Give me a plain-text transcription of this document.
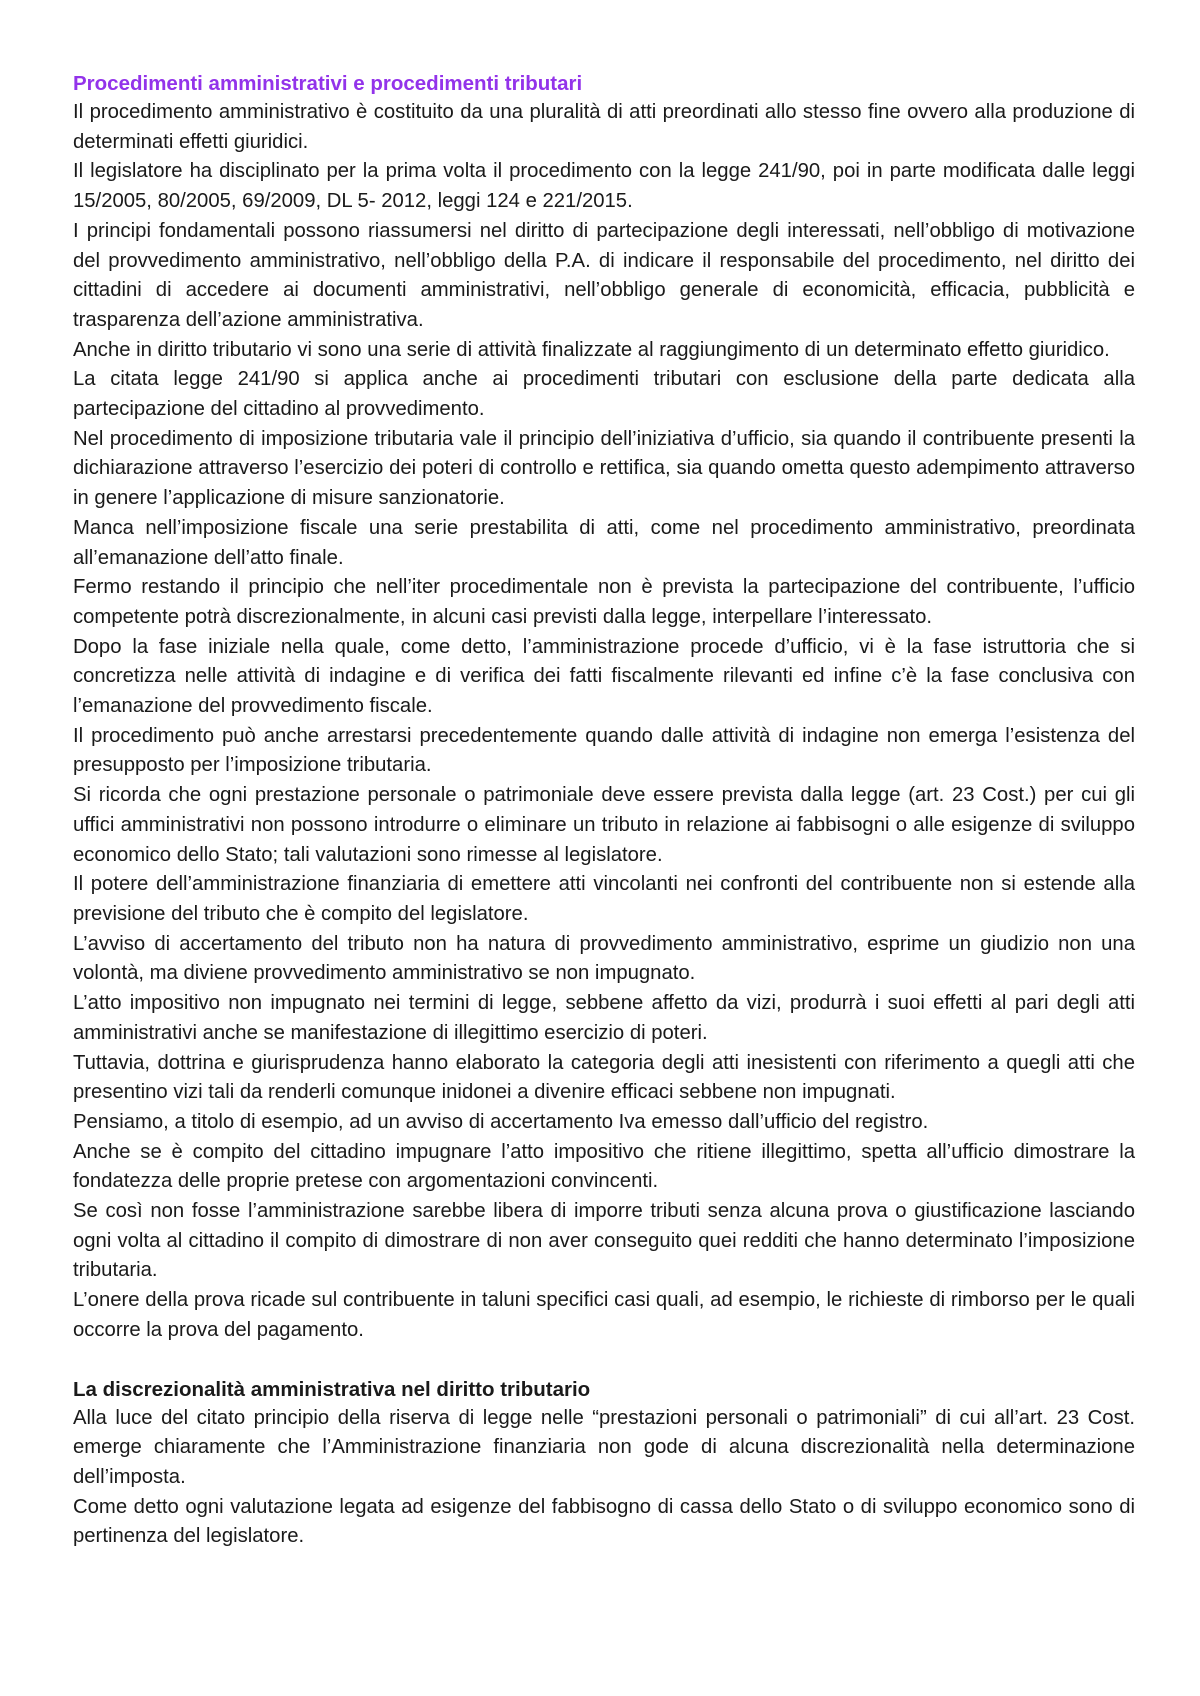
Procedimenti amministrativi e procedimenti tributari

Il procedimento amministrativo è costituito da una pluralità di atti preordinati allo stesso fine ovvero alla produzione di determinati effetti giuridici.

Il legislatore ha disciplinato per la prima volta il procedimento con la legge 241/90, poi in parte modificata dalle leggi 15/2005, 80/2005, 69/2009, DL 5- 2012, leggi 124 e 221/2015.

I principi fondamentali possono riassumersi nel diritto di partecipazione degli interessati, nell’obbligo di motivazione del provvedimento amministrativo, nell’obbligo della P.A. di indicare il responsabile del procedimento, nel diritto dei cittadini di accedere ai documenti amministrativi, nell’obbligo generale di economicità, efficacia, pubblicità e trasparenza dell’azione amministrativa.

Anche in diritto tributario vi sono una serie di attività finalizzate al raggiungimento di un determinato effetto giuridico.

La citata legge 241/90 si applica anche ai procedimenti tributari con esclusione della parte dedicata alla partecipazione del cittadino al provvedimento.

Nel procedimento di imposizione tributaria vale il principio dell’iniziativa d’ufficio, sia quando il contribuente presenti la dichiarazione attraverso l’esercizio dei poteri di controllo e rettifica, sia quando ometta questo adempimento attraverso in genere l’applicazione di misure sanzionatorie.

Manca nell’imposizione fiscale una serie prestabilita di atti, come nel procedimento amministrativo, preordinata all’emanazione dell’atto finale.

Fermo restando il principio che nell’iter procedimentale non è prevista la partecipazione del contribuente, l’ufficio competente potrà discrezionalmente, in alcuni casi previsti dalla legge, interpellare l’interessato.

Dopo la fase iniziale nella quale, come detto, l’amministrazione procede d’ufficio, vi è la fase istruttoria che si concretizza nelle attività di indagine e di verifica dei fatti fiscalmente rilevanti ed infine c’è la fase conclusiva con l’emanazione del provvedimento fiscale.

Il procedimento può anche arrestarsi precedentemente quando dalle attività di indagine non emerga l’esistenza del presupposto per l’imposizione tributaria.

Si ricorda che ogni prestazione personale o patrimoniale deve essere prevista dalla legge (art. 23 Cost.) per cui gli uffici amministrativi non possono introdurre o eliminare un tributo in relazione ai fabbisogni o alle esigenze di sviluppo economico dello Stato; tali valutazioni sono rimesse al legislatore.

Il potere dell’amministrazione finanziaria di emettere atti vincolanti nei confronti del contribuente non si estende alla previsione del tributo che è compito del legislatore.

L’avviso di accertamento del tributo non ha natura di provvedimento amministrativo, esprime un giudizio non una volontà, ma diviene provvedimento amministrativo se non impugnato.

L’atto impositivo non impugnato nei termini di legge, sebbene affetto da vizi, produrrà i suoi effetti al pari degli atti amministrativi anche se manifestazione di illegittimo esercizio di poteri.

Tuttavia, dottrina e giurisprudenza hanno elaborato la categoria degli atti inesistenti con riferimento a quegli atti che presentino vizi tali da renderli comunque inidonei a divenire efficaci sebbene non impugnati.

Pensiamo, a titolo di esempio, ad un avviso di accertamento Iva emesso dall’ufficio del registro.

Anche se è compito del cittadino impugnare l’atto impositivo che ritiene illegittimo, spetta all’ufficio dimostrare la fondatezza delle proprie pretese con argomentazioni convincenti.

Se così non fosse l’amministrazione sarebbe libera di imporre tributi senza alcuna prova o giustificazione lasciando ogni volta al cittadino il compito di dimostrare di non aver conseguito quei redditi che hanno determinato l’imposizione tributaria.

L’onere della prova ricade sul contribuente in taluni specifici casi quali, ad esempio, le richieste di rimborso per le quali occorre la prova del pagamento.

La discrezionalità amministrativa nel diritto tributario

Alla luce del citato principio della riserva di legge nelle “prestazioni personali o patrimoniali” di cui all’art. 23 Cost. emerge chiaramente che l’Amministrazione finanziaria non gode di alcuna discrezionalità nella determinazione dell’imposta.

Come detto ogni valutazione legata ad esigenze del fabbisogno di cassa dello Stato o di sviluppo economico sono di pertinenza del legislatore.
